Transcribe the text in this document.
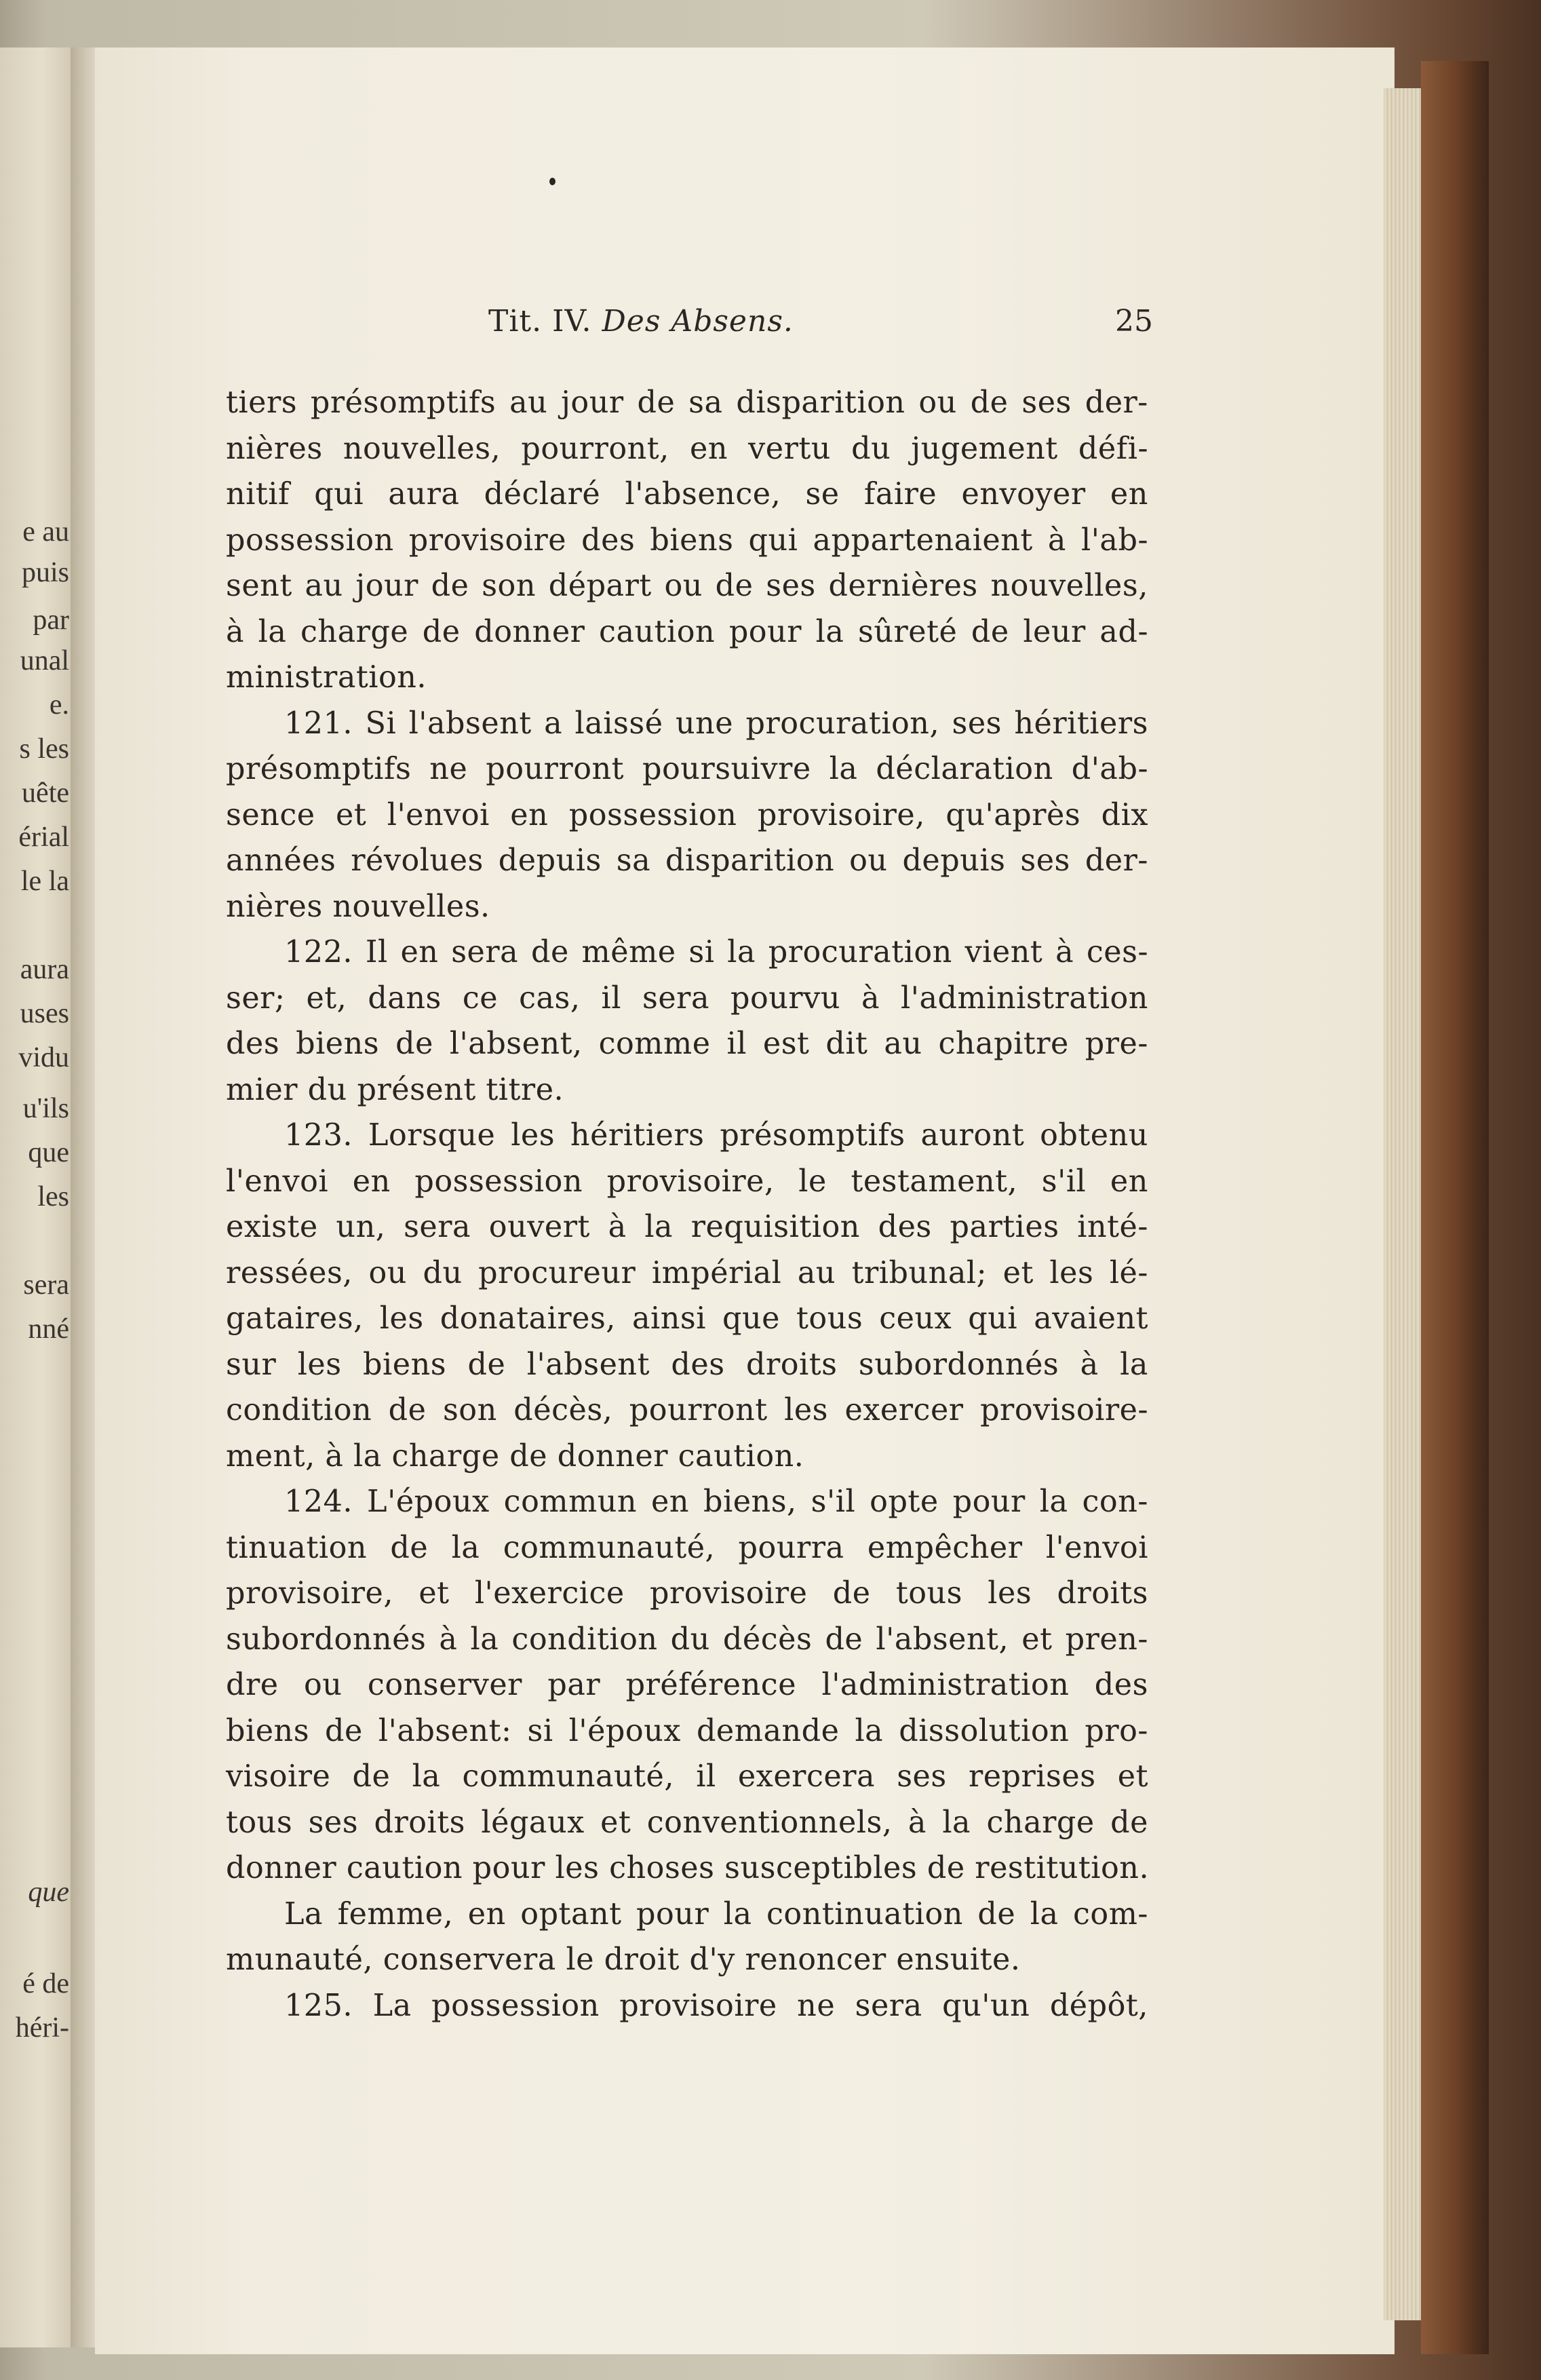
e au
puis
par
unal
e.
s les
uête
érial
le la
aura
uses
vidu
u'ils
que
les
sera
nné
que
é de
héri-
Tit. IV. Des Absens.	25
tiers présomptifs au jour de sa disparition ou de ses der-
nières nouvelles, pourront, en vertu du jugement défi-
nitif qui aura déclaré l'absence, se faire envoyer en
possession provisoire des biens qui appartenaient à l'ab-
sent au jour de son départ ou de ses dernières nouvelles,
à la charge de donner caution pour la sûreté de leur ad-
ministration.
121. Si l'absent a laissé une procuration, ses héritiers
présomptifs ne pourront poursuivre la déclaration d'ab-
sence et l'envoi en possession provisoire, qu'après dix
années révolues depuis sa disparition ou depuis ses der-
nières nouvelles.
122. Il en sera de même si la procuration vient à ces-
ser; et, dans ce cas, il sera pourvu à l'administration
des biens de l'absent, comme il est dit au chapitre pre-
mier du présent titre.
123. Lorsque les héritiers présomptifs auront obtenu
l'envoi en possession provisoire, le testament, s'il en
existe un, sera ouvert à la requisition des parties inté-
ressées, ou du procureur impérial au tribunal; et les lé-
gataires, les donataires, ainsi que tous ceux qui avaient
sur les biens de l'absent des droits subordonnés à la
condition de son décès, pourront les exercer provisoire-
ment, à la charge de donner caution.
124. L'époux commun en biens, s'il opte pour la con-
tinuation de la communauté, pourra empêcher l'envoi
provisoire, et l'exercice provisoire de tous les droits
subordonnés à la condition du décès de l'absent, et pren-
dre ou conserver par préférence l'administration des
biens de l'absent: si l'époux demande la dissolution pro-
visoire de la communauté, il exercera ses reprises et
tous ses droits légaux et conventionnels, à la charge de
donner caution pour les choses susceptibles de restitution.
La femme, en optant pour la continuation de la com-
munauté, conservera le droit d'y renoncer ensuite.
125. La possession provisoire ne sera qu'un dépôt,
